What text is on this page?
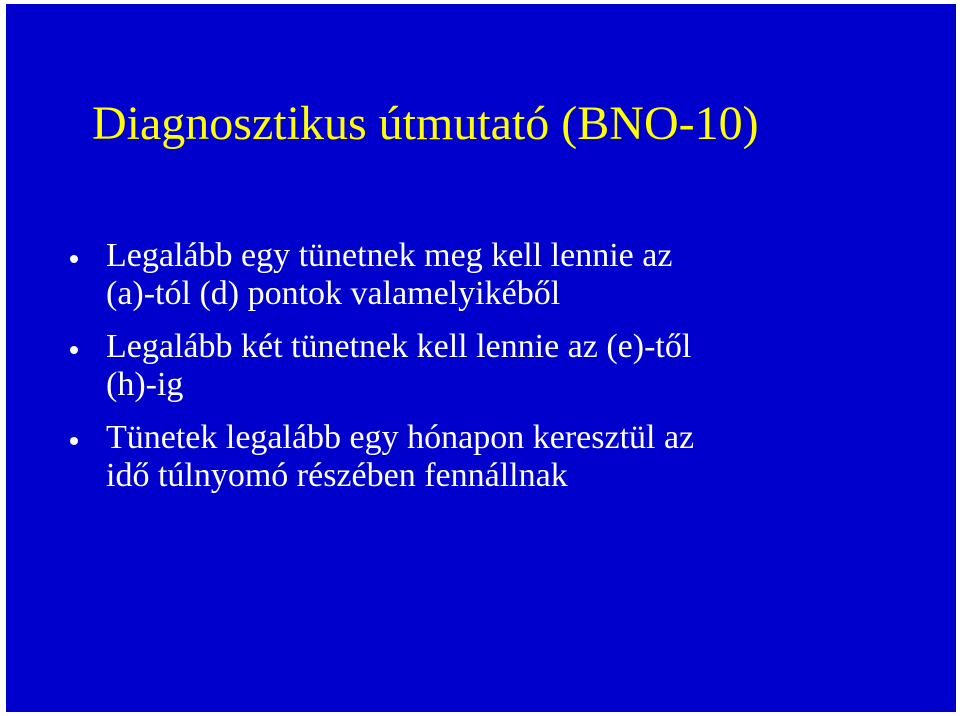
Diagnosztikus útmutató (BNO-10)
Legalább egy tünetnek meg kell lennie az
(a)-tól (d) pontok valamelyikéből
Legalább két tünetnek kell lennie az (e)-től
(h)-ig
Tünetek legalább egy hónapon keresztül az
idő túlnyomó részében fennállnak
